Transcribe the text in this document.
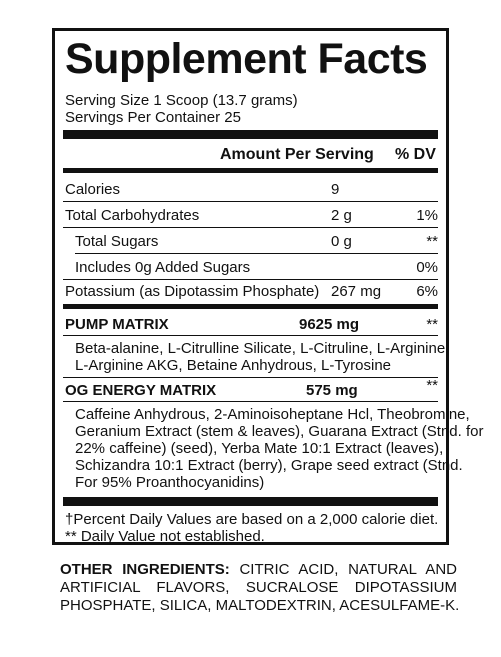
Supplement Facts
Serving Size 1 Scoop (13.7 grams)
Servings Per Container 25
Amount Per Serving % DV
Calories	9
Total Carbohydrates	2 g	1%
Total Sugars	0 g	**
Includes 0g Added Sugars	0%
Potassium (as Dipotassim Phosphate) 267 mg 6%
PUMP MATRIX	9625 mg	**
Beta-alanine, L-Citrulline Silicate, L-Citruline, L-Arginine,
L-Arginine AKG, Betaine Anhydrous, L-Tyrosine
OG ENERGY MATRIX	575 mg	**
Caffeine Anhydrous, 2-Aminoisoheptane Hcl, Theobromine,
Geranium Extract (stem & leaves), Guarana Extract (Stnd. for
22% caffeine) (seed), Yerba Mate 10:1 Extract (leaves),
Schizandra 10:1 Extract (berry), Grape seed extract (Stnd.
For 95% Proanthocyanidins)
†Percent Daily Values are based on a 2,000 calorie diet.
** Daily Value not established.
OTHER INGREDIENTS: CITRIC ACID, NATURAL AND
ARTIFICIAL FLAVORS, SUCRALOSE DIPOTASSIUM
PHOSPHATE, SILICA, MALTODEXTRIN, ACESULFAME-K.
